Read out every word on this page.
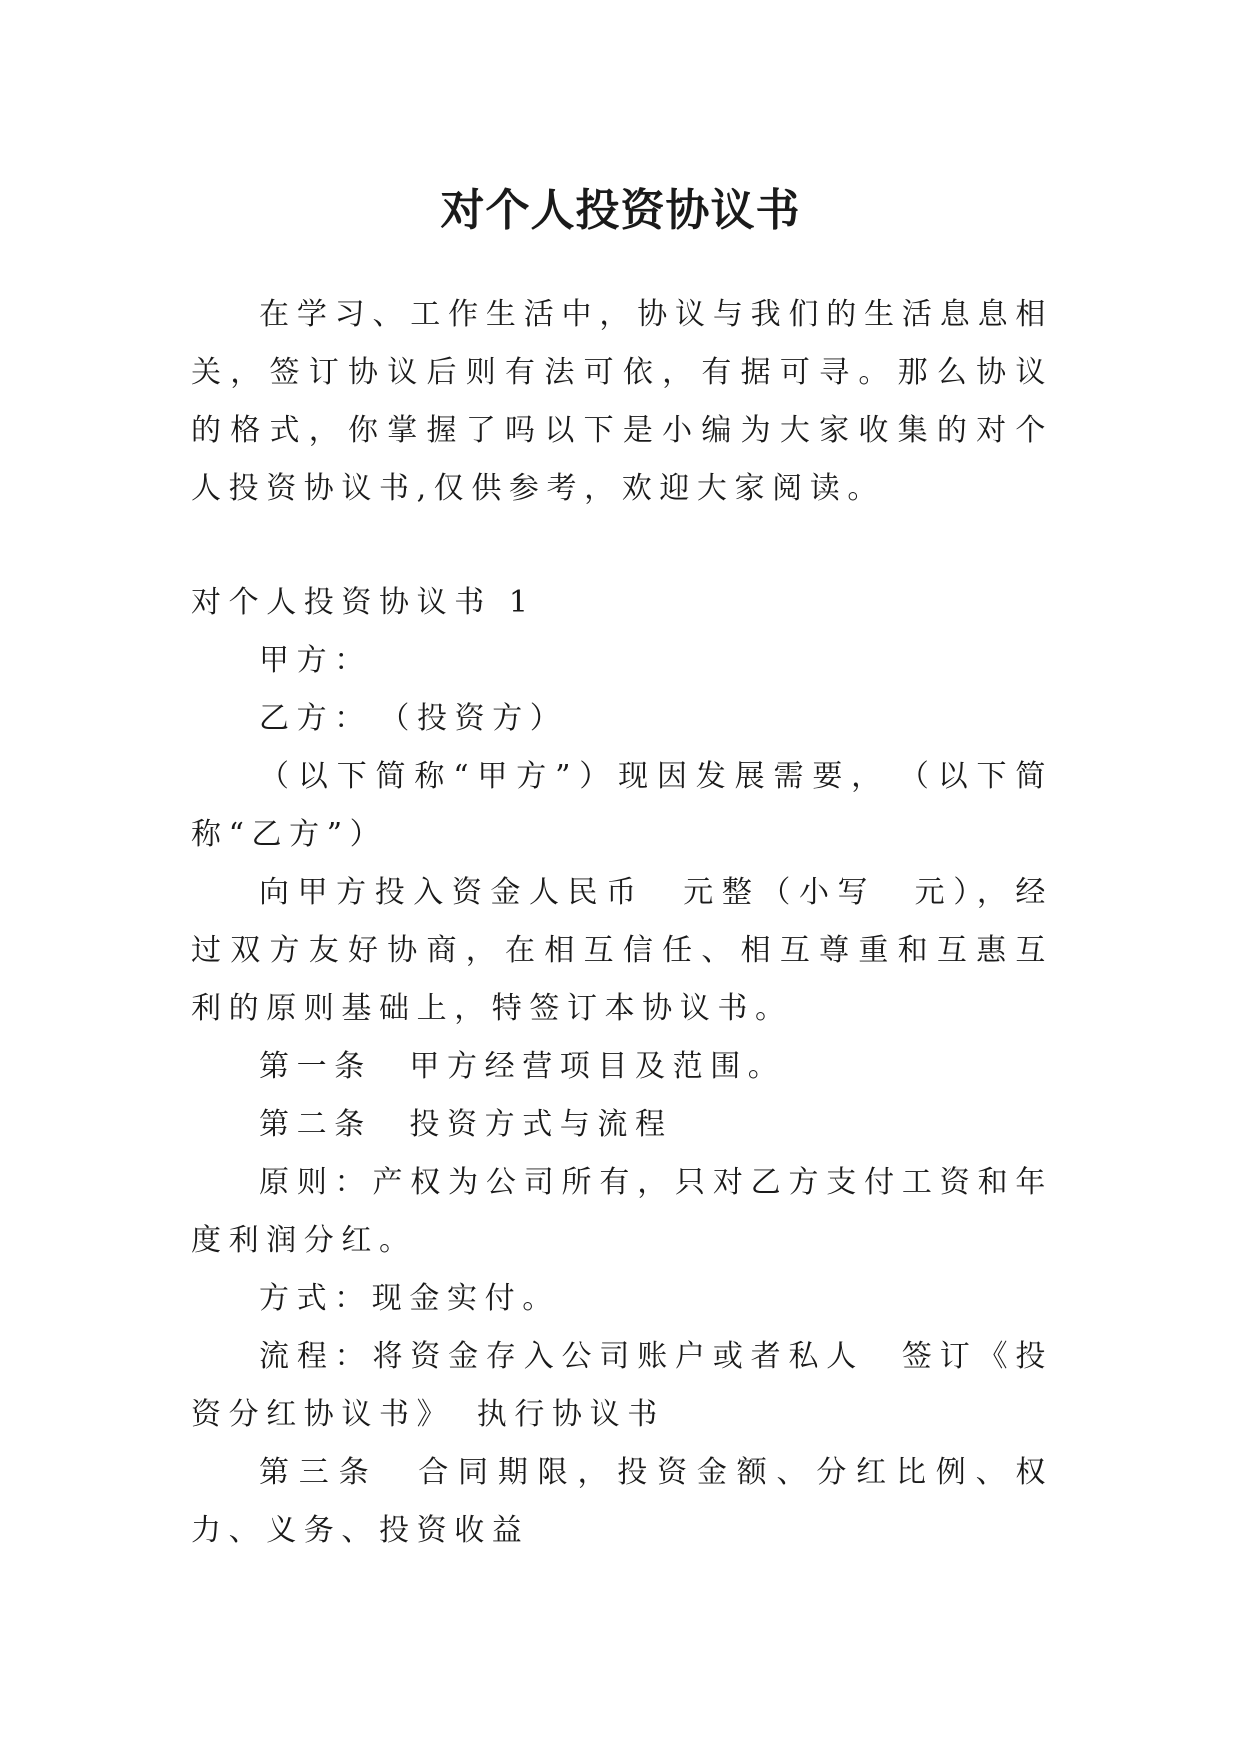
对个人投资协议书

在学习、工作生活中，协议与我们的生活息息相关，签订协议后则有法可依，有据可寻。那么协议的格式，你掌握了吗以下是小编为大家收集的对个人投资协议书,仅供参考，欢迎大家阅读。

对个人投资协议书 1

甲方：

乙方：　（投资方）

（以下简称“甲方”）现因发展需要，　（以下简称“乙方”）

向甲方投入资金人民币　元整（小写　元），经过双方友好协商，在相互信任、相互尊重和互惠互利的原则基础上，特签订本协议书。

第一条　甲方经营项目及范围。

第二条　投资方式与流程

原则：产权为公司所有，只对乙方支付工资和年度利润分红。

方式：现金实付。

流程：将资金存入公司账户或者私人　签订《投资分红协议书》　执行协议书

第三条　合同期限，投资金额、分红比例、权力、义务、投资收益
